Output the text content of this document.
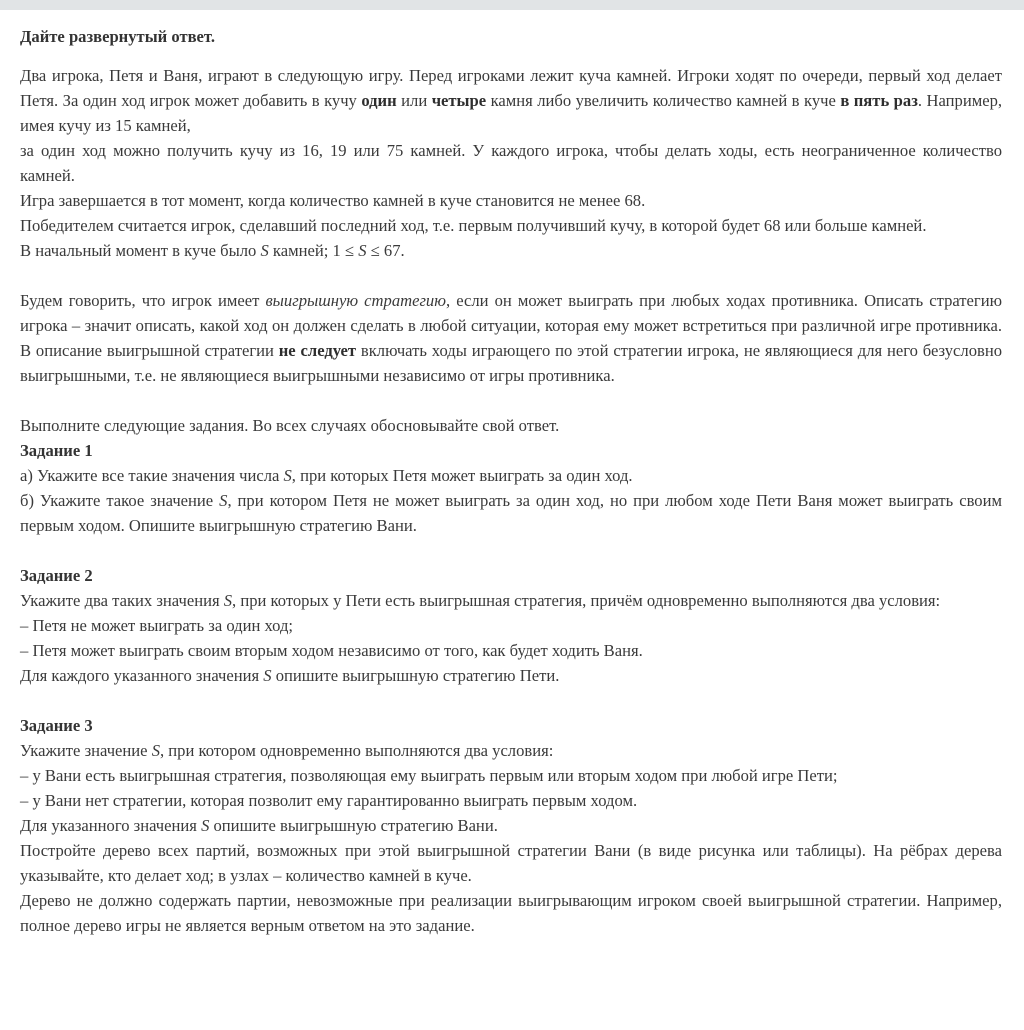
Дайте развернутый ответ.

Два игрока, Петя и Ваня, играют в следующую игру. Перед игроками лежит куча камней. Игроки ходят по очереди, первый ход делает Петя. За один ход игрок может добавить в кучу один или четыре камня либо увеличить количество камней в куче в пять раз. Например, имея кучу из 15 камней,

за один ход можно получить кучу из 16, 19 или 75 камней. У каждого игрока, чтобы делать ходы, есть неограниченное количество камней.

Игра завершается в тот момент, когда количество камней в куче становится не менее 68.

Победителем считается игрок, сделавший последний ход, т.е. первым получивший кучу, в которой будет 68 или больше камней.

В начальный момент в куче было S камней; 1 ≤ S ≤ 67.

Будем говорить, что игрок имеет выигрышную стратегию, если он может выиграть при любых ходах противника. Описать стратегию игрока – значит описать, какой ход он должен сделать в любой ситуации, которая ему может встретиться при различной игре противника. В описание выигрышной стратегии не следует включать ходы играющего по этой стратегии игрока, не являющиеся для него безусловно выигрышными, т.е. не являющиеся выигрышными независимо от игры противника.

Выполните следующие задания. Во всех случаях обосновывайте свой ответ.

Задание 1

а) Укажите все такие значения числа S, при которых Петя может выиграть за один ход.

б) Укажите такое значение S, при котором Петя не может выиграть за один ход, но при любом ходе Пети Ваня может выиграть своим первым ходом. Опишите выигрышную стратегию Вани.

Задание 2

Укажите два таких значения S, при которых у Пети есть выигрышная стратегия, причём одновременно выполняются два условия:

– Петя не может выиграть за один ход;

– Петя может выиграть своим вторым ходом независимо от того, как будет ходить Ваня.

Для каждого указанного значения S опишите выигрышную стратегию Пети.

Задание 3

Укажите значение S, при котором одновременно выполняются два условия:

– у Вани есть выигрышная стратегия, позволяющая ему выиграть первым или вторым ходом при любой игре Пети;

– у Вани нет стратегии, которая позволит ему гарантированно выиграть первым ходом.

Для указанного значения S опишите выигрышную стратегию Вани.

Постройте дерево всех партий, возможных при этой выигрышной стратегии Вани (в виде рисунка или таблицы). На рёбрах дерева указывайте, кто делает ход; в узлах – количество камней в куче.

Дерево не должно содержать партии, невозможные при реализации выигрывающим игроком своей выигрышной стратегии. Например, полное дерево игры не является верным ответом на это задание.
